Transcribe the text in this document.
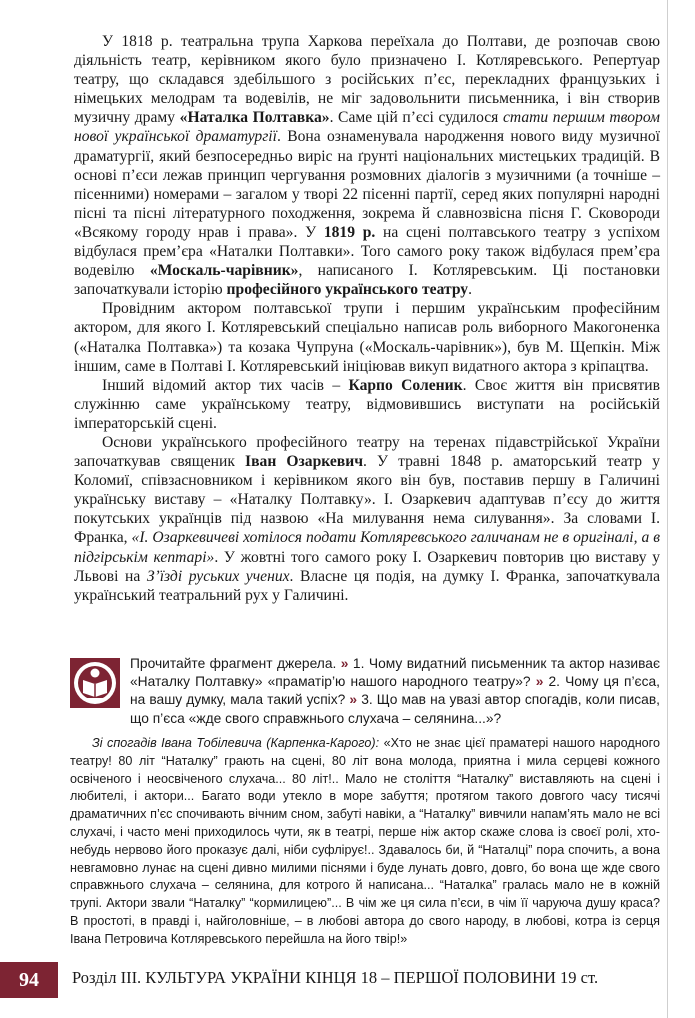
У 1818 р. театральна трупа Харкова переїхала до Полтави, де розпочав свою діяльність театр, керівником якого було призначено І. Котляревського. Репертуар театру, що складався здебільшого з російських п’єс, перекладних французьких і німецьких мелодрам та водевілів, не міг задовольнити письменника, і він створив музичну драму «Наталка Полтавка». Саме цій п’єсі судилося стати першим твором нової української драматургії. Вона ознаменувала народження нового виду музичної драматургії, який безпосередньо виріс на ґрунті національних мистецьких традицій. В основі п’єси лежав принцип чергування розмовних діалогів з музичними (а точніше – пісенними) номерами – загалом у творі 22 пісенні партії, серед яких популярні народні пісні та пісні літературного походження, зокрема й славнозвісна пісня Г. Сковороди «Всякому городу нрав і права». У 1819 р. на сцені полтавського театру з успіхом відбулася прем’єра «Наталки Полтавки». Того самого року також відбулася прем’єра водевілю «Москаль-чарівник», написаного І. Котляревським. Ці постановки започаткували історію професійного українського театру.

Провідним актором полтавської трупи і першим українським професійним актором, для якого І. Котляревський спеціально написав роль виборного Макогоненка («Наталка Полтавка») та козака Чупруна («Москаль-чарівник»), був М. Щепкін. Між іншим, саме в Полтаві І. Котляревський ініціював викуп видатного актора з кріпацтва.

Інший відомий актор тих часів – Карпо Соленик. Своє життя він присвятив служінню саме українському театру, відмовившись виступати на російській імператорській сцені.

Основи українського професійного театру на теренах підавстрійської України започаткував священик Іван Озаркевич. У травні 1848 р. аматорський театр у Коломиї, співзасновником і керівником якого він був, поставив першу в Галичині українську виставу – «Наталку Полтавку». І. Озаркевич адаптував п’єсу до життя покутських українців під назвою «На милування нема силування». За словами І. Франка, «І. Озаркевичеві хотілося подати Котляревського галичанам не в оригіналі, а в підгірськім кептарі». У жовтні того самого року І. Озаркевич повторив цю виставу у Львові на З’їзді руських учених. Власне ця подія, на думку І. Франка, започаткувала український театральний рух у Галичині.

Прочитайте фрагмент джерела. » 1. Чому видатний письменник та актор називає «Наталку Полтавку» «праматір’ю нашого народного театру»? » 2. Чому ця п’єса, на вашу думку, мала такий успіх? » 3. Що мав на увазі автор спогадів, коли писав, що п’єса «жде свого справжнього слухача – селянина...»?
Зі спогадів Івана Тобілевича (Карпенка-Карого): «Хто не знає цієї праматері нашого народного театру! 80 літ “Наталку” грають на сцені, 80 літ вона молода, приятна і мила серцеві кожного освіченого і неосвіченого слухача... 80 літ!.. Мало не століття “Наталку” виставляють на сцені і любителі, і актори... Багато води утекло в море забуття; протягом такого довгого часу тисячі драматичних п’єс спочивають вічним сном, забуті навіки, а “Наталку” вивчили напам’ять мало не всі слухачі, і часто мені приходилось чути, як в театрі, перше ніж актор скаже слова із своєї ролі, хто-небудь нервово його проказує далі, ніби суфлірує!.. Здавалось би, й “Наталці” пора спочить, а вона невгамовно лунає на сцені дивно милими піснями і буде лунать довго, довго, бо вона ще жде свого справжнього слухача – селянина, для котрого й написана... “Наталка” гралась мало не в кожній трупі. Актори звали “Наталку” “кормилицею”... В чім же ця сила п’єси, в чім її чаруюча душу краса? В простоті, в правді і, найголовніше, – в любові автора до свого народу, в любові, котра із серця Івана Петровича Котляревського перейшла на його твір!»
94	Розділ ІІІ. КУЛЬТУРА УКРАЇНИ КІНЦЯ 18 – ПЕРШОЇ ПОЛОВИНИ 19 ст.
